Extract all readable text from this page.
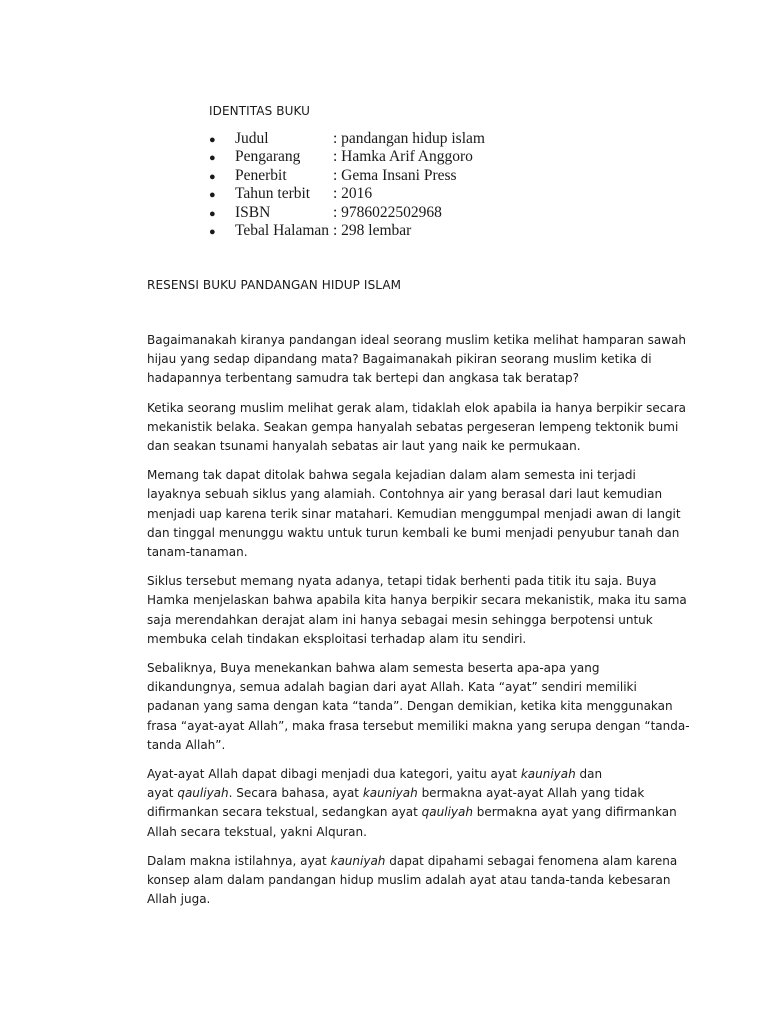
IDENTITAS BUKU
●	Judul	: pandangan hidup islam
●	Pengarang	: Hamka Arif Anggoro
●	Penerbit	: Gema Insani Press
●	Tahun terbit	: 2016
●	ISBN	: 9786022502968
●	Tebal Halaman : 298 lembar
RESENSI BUKU PANDANGAN HIDUP ISLAM

Bagaimanakah kiranya pandangan ideal seorang muslim ketika melihat hamparan sawah
hijau yang sedap dipandang mata? Bagaimanakah pikiran seorang muslim ketika di
hadapannya terbentang samudra tak bertepi dan angkasa tak beratap?

Ketika seorang muslim melihat gerak alam, tidaklah elok apabila ia hanya berpikir secara
mekanistik belaka. Seakan gempa hanyalah sebatas pergeseran lempeng tektonik bumi
dan seakan tsunami hanyalah sebatas air laut yang naik ke permukaan.

Memang tak dapat ditolak bahwa segala kejadian dalam alam semesta ini terjadi
layaknya sebuah siklus yang alamiah. Contohnya air yang berasal dari laut kemudian
menjadi uap karena terik sinar matahari. Kemudian menggumpal menjadi awan di langit
dan tinggal menunggu waktu untuk turun kembali ke bumi menjadi penyubur tanah dan
tanam-tanaman.

Siklus tersebut memang nyata adanya, tetapi tidak berhenti pada titik itu saja. Buya
Hamka menjelaskan bahwa apabila kita hanya berpikir secara mekanistik, maka itu sama
saja merendahkan derajat alam ini hanya sebagai mesin sehingga berpotensi untuk
membuka celah tindakan eksploitasi terhadap alam itu sendiri.

Sebaliknya, Buya menekankan bahwa alam semesta beserta apa-apa yang
dikandungnya, semua adalah bagian dari ayat Allah. Kata “ayat” sendiri memiliki
padanan yang sama dengan kata “tanda”. Dengan demikian, ketika kita menggunakan
frasa “ayat-ayat Allah”, maka frasa tersebut memiliki makna yang serupa dengan “tanda-
tanda Allah”.

Ayat-ayat Allah dapat dibagi menjadi dua kategori, yaitu ayat kauniyah dan
ayat qauliyah. Secara bahasa, ayat kauniyah bermakna ayat-ayat Allah yang tidak
difirmankan secara tekstual, sedangkan ayat qauliyah bermakna ayat yang difirmankan
Allah secara tekstual, yakni Alquran.

Dalam makna istilahnya, ayat kauniyah dapat dipahami sebagai fenomena alam karena
konsep alam dalam pandangan hidup muslim adalah ayat atau tanda-tanda kebesaran
Allah juga.
